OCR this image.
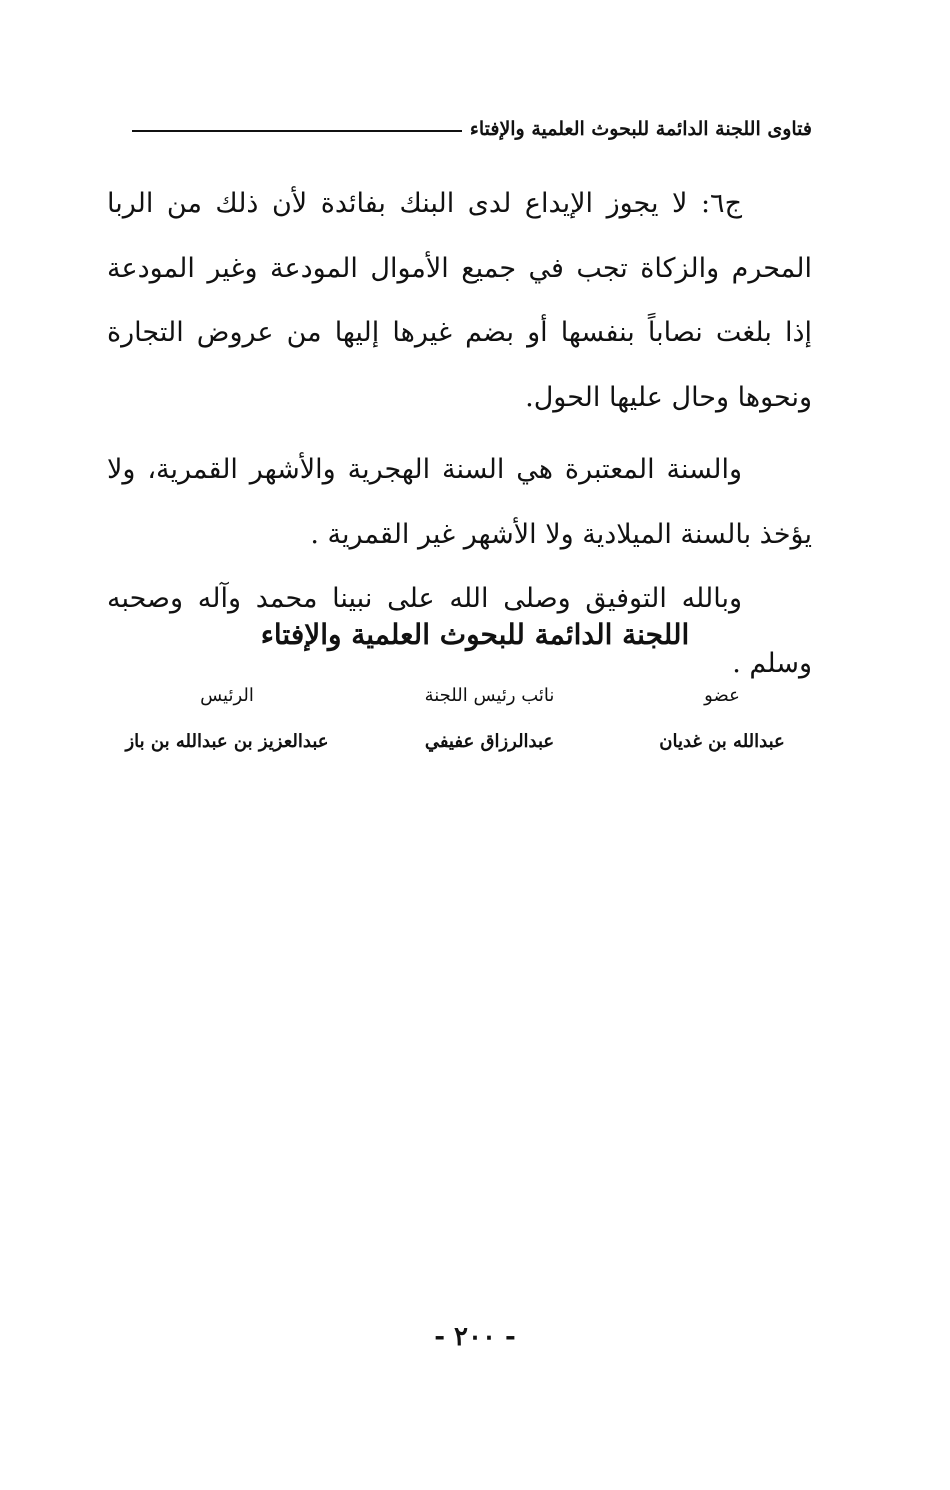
فتاوى اللجنة الدائمة للبحوث العلمية والإفتاء

ج٦: لا يجوز الإيداع لدى البنك بفائدة لأن ذلك من الربا المحرم والزكاة تجب في جميع الأموال المودعة وغير المودعة إذا بلغت نصاباً بنفسها أو بضم غيرها إليها من عروض التجارة ونحوها وحال عليها الحول.

والسنة المعتبرة هي السنة الهجرية والأشهر القمرية، ولا يؤخذ بالسنة الميلادية ولا الأشهر غير القمرية .

وبالله التوفيق وصلى الله على نبينا محمد وآله وصحبه وسلم .

اللجنة الدائمة للبحوث العلمية والإفتاء
عضو
عبدالله بن غديان
نائب رئيس اللجنة
عبدالرزاق عفيفي
الرئيس
عبدالعزيز بن عبدالله بن باز
- ٢٠٠ -
